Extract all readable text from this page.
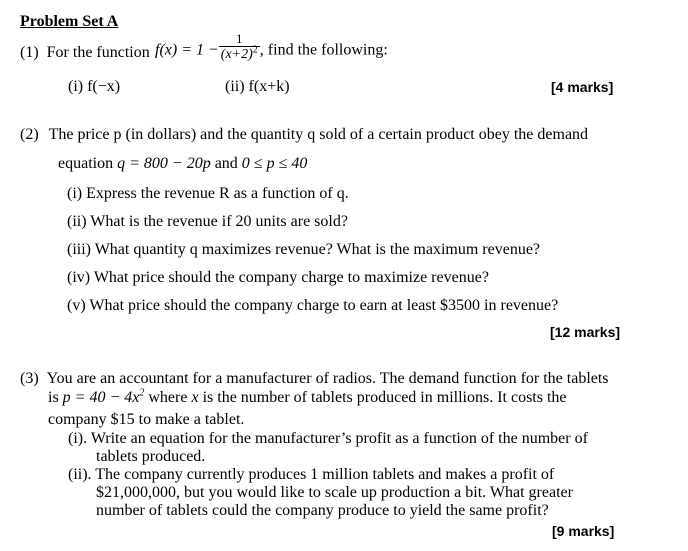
Problem Set A
(1) For the function $f(x) = 1 - \frac{1}{(x+2)^2}$ , find the following:
(i) f(−x)	(ii) f(x+k)	[4 marks]
(2) The price p (in dollars) and the quantity q sold of a certain product obey the demand
equation q = 800 − 20p and 0 ≤ p ≤ 40
(i) Express the revenue R as a function of q.
(ii) What is the revenue if 20 units are sold?
(iii) What quantity q maximizes revenue? What is the maximum revenue?
(iv) What price should the company charge to maximize revenue?
(v) What price should the company charge to earn at least $3500 in revenue?
[12 marks]
(3) You are an accountant for a manufacturer of radios. The demand function for the tablets
is $p = 40 - 4x^2$ where x is the number of tablets produced in millions. It costs the
company $15 to make a tablet.
(i). Write an equation for the manufacturer’s profit as a function of the number of
tablets produced.
(ii). The company currently produces 1 million tablets and makes a profit of
$21,000,000, but you would like to scale up production a bit. What greater
number of tablets could the company produce to yield the same profit?
[9 marks]
